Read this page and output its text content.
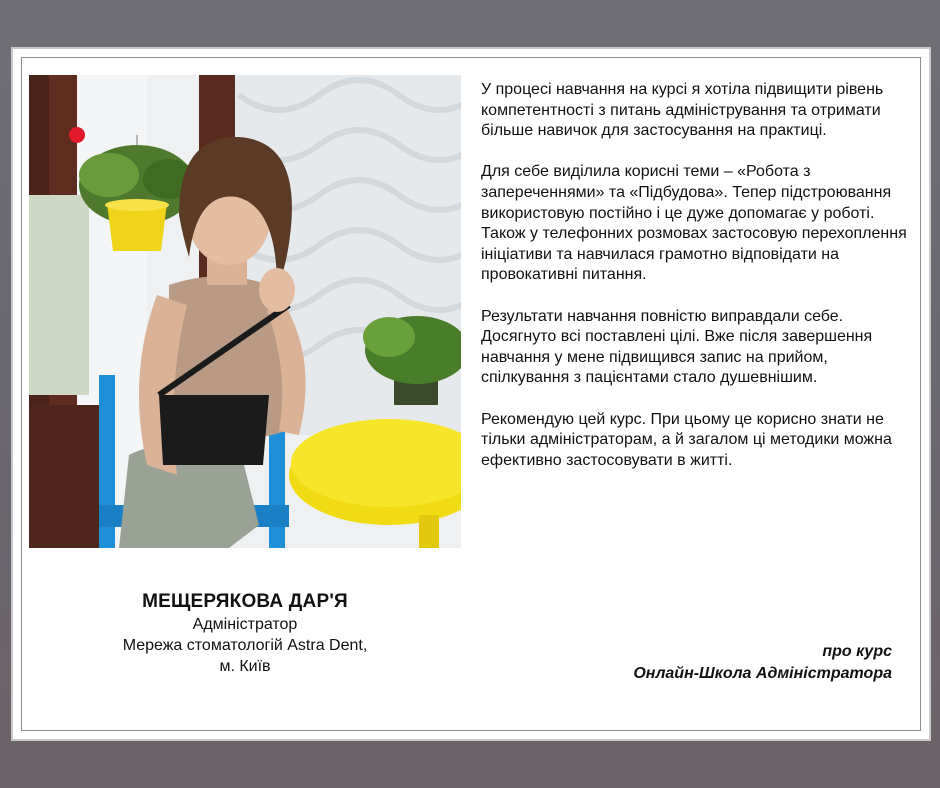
МЕЩЕРЯКОВА ДАР'Я
Адміністратор
Мережа стоматологій Astra Dent,
м. Київ

У процесі навчання на курсі я хотіла підвищити рівень компетентності з питань адміністрування та отримати більше навичок для застосування на практиці.

Для себе виділила корисні теми – «Робота з запереченнями» та «Підбудова». Тепер підстроювання використовую постійно і це дуже допомагає у роботі. Також у телефонних розмовах застосовую перехоплення ініціативи та навчилася грамотно відповідати на провокативні питання.

Результати навчання повністю виправдали себе. Досягнуто всі поставлені цілі. Вже після завершення навчання у мене підвищився запис на прийом, спілкування з пацієнтами стало душевнішим.

Рекомендую цей курс. При цьому це корисно знати не тільки адміністраторам, а й загалом ці методики можна ефективно застосовувати в житті.

про курс
Онлайн-Школа Адміністратора
